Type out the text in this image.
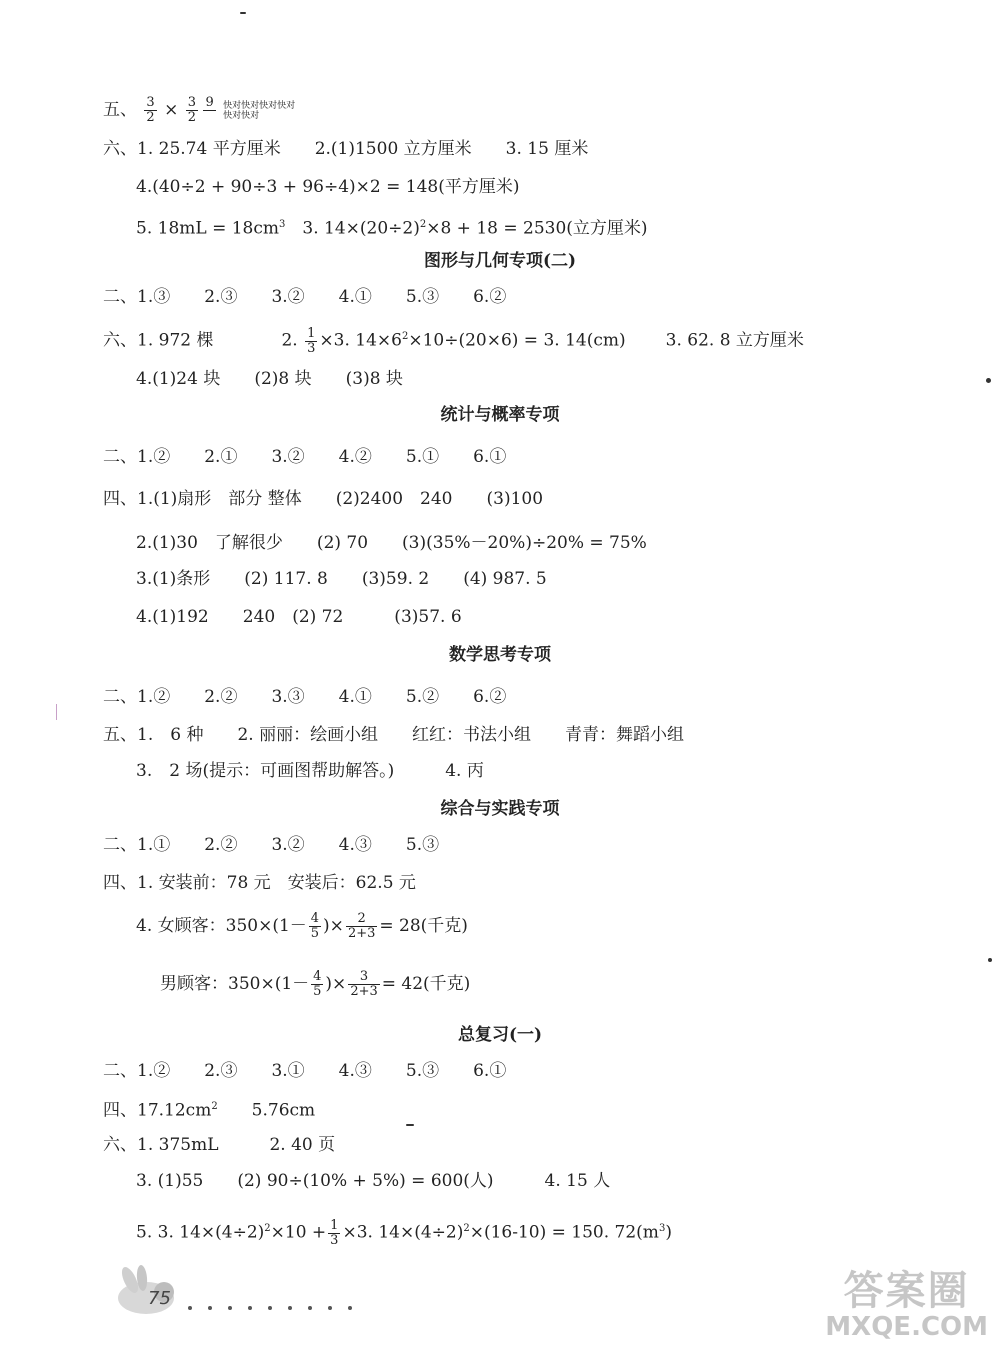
五、 $\frac{3}{2} \times \frac{3}{2}$
9
快对快对快对快对快对快对
六、1. 25.74 平方厘米　　2.(1)1500 立方厘米　　3. 15 厘米
4.(40÷2 + 90÷3 + 96÷4)×2 = 148(平方厘米)
5. $18mL = 18cm^3$　3. $14\times(20\div 2)^2\times 8 + 18 = 2530$(立方厘米)
图形与几何专项(二)
二、1.③　　2.③　　3.②　　4.①　　5.③　　6.②
六、1. 972 棵　　　　2. $\frac{1}{3} \times 3$. $14\times 6^2\times 10\div(20\times 6) = 3$. 14(cm) 3. 62. 8 立方厘米
4.(1)24 块　　(2)8 块　　(3)8 块
统计与概率专项
二、1.②　　2.①　　3.②　　4.②　　5.①　　6.①
四、1.(1)扇形　部分 整体　　(2)2400　240　　(3)100
2.(1)30　了解很少　　(2) 70　　(3)(35%－20%)÷20% = 75%
3.(1)条形　　(2) 117. 8　　(3)59. 2　　(4) 987. 5
4.(1)192　　240　(2) 72　　　(3)57. 6
数学思考专项
二、1.②　　2.②　　3.③　　4.①　　5.②　　6.②
五、1.　6 种　　2. 丽丽：绘画小组　　红红：书法小组　　青青：舞蹈小组
3.　2 场(提示：可画图帮助解答。)　　　4. 丙
综合与实践专项
二、1.①　　2.②　　3.②　　4.③　　5.③
四、1. 安装前：78 元　安装后：62.5 元
4. 女顾客：$350\times(1- \frac{4}{5}$ )× $\frac{2}{2+3} = 28$(千克)
男顾客：$350\times(1- \frac{4}{5}$ )× $\frac{3}{2+3} = 42$(千克)
总复习(一)
二、1.②　　2.③　　3.①　　4.③　　5.③　　6.①
四、$17.12cm^2$　　5.76cm
六、1. 375mL　　　2. 40 页
3. (1)55　　(2) 90÷(10% + 5%) = 600(人)　　　4. 15 人
5. 3. $14\times(4\div 2)^2\times 10 + \frac{1}{3} \times 3$. $14\times(4\div 2)^2\times(16-10) = 150$. $72(m^3)$
75	答案圈
MXQE.COM
